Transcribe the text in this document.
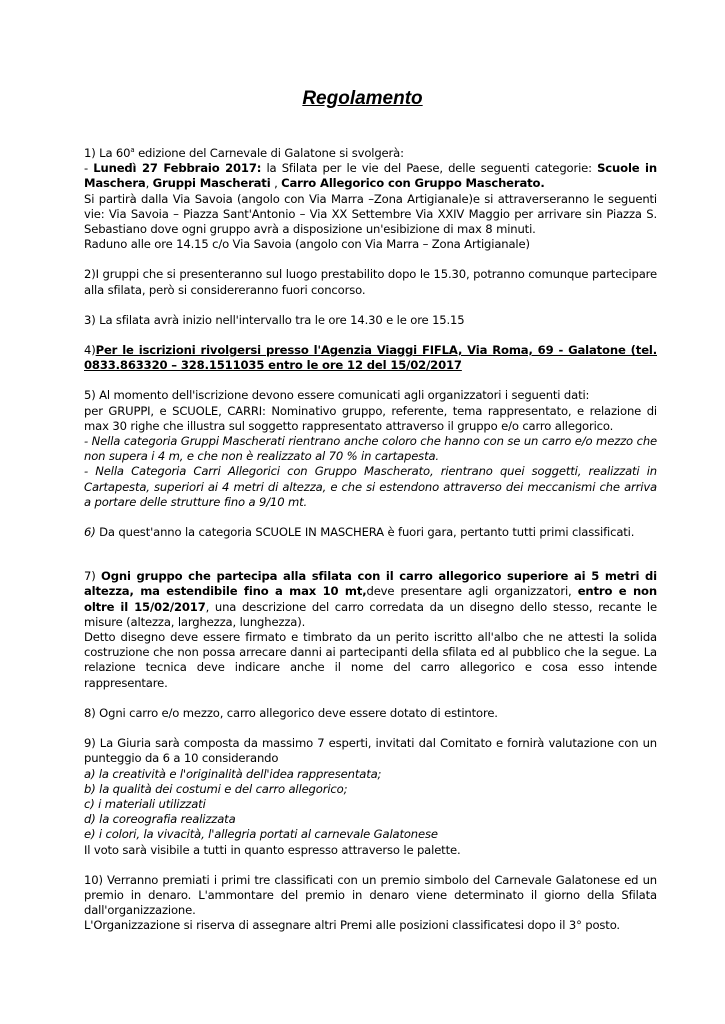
Regolamento

1) La 60$^a$ edizione del Carnevale di Galatone si svolgerà:

- Lunedì 27 Febbraio 2017: la Sfilata per le vie del Paese, delle seguenti categorie: Scuole in Maschera, Gruppi Mascherati , Carro Allegorico con Gruppo Mascherato.

Si partirà dalla Via Savoia (angolo con Via Marra –Zona Artigianale)e si attraverseranno le seguenti vie: Via Savoia – Piazza Sant'Antonio – Via XX Settembre Via XXIV Maggio per arrivare sin Piazza S. Sebastiano dove ogni gruppo avrà a disposizione un'esibizione di max 8 minuti.

Raduno alle ore 14.15 c/o Via Savoia (angolo con Via Marra – Zona Artigianale)

2)I gruppi che si presenteranno sul luogo prestabilito dopo le 15.30, potranno comunque partecipare alla sfilata, però si considereranno fuori concorso.

3) La sfilata avrà inizio nell'intervallo tra le ore 14.30 e le ore 15.15

4)Per le iscrizioni rivolgersi presso l'Agenzia Viaggi FIFLA, Via Roma, 69 - Galatone (tel. 0833.863320 – 328.1511035 entro le ore 12 del 15/02/2017

5) Al momento dell'iscrizione devono essere comunicati agli organizzatori i seguenti dati:

per GRUPPI, e SCUOLE, CARRI: Nominativo gruppo, referente, tema rappresentato, e relazione di max 30 righe che illustra sul soggetto rappresentato attraverso il gruppo e/o carro allegorico.

- Nella categoria Gruppi Mascherati rientrano anche coloro che hanno con se un carro e/o mezzo che non supera i 4 m, e che non è realizzato al 70 % in cartapesta.

- Nella Categoria Carri Allegorici con Gruppo Mascherato, rientrano quei soggetti, realizzati in Cartapesta, superiori ai 4 metri di altezza, e che si estendono attraverso dei meccanismi che arriva a portare delle strutture fino a 9/10 mt.

6) Da quest'anno la categoria SCUOLE IN MASCHERA è fuori gara, pertanto tutti primi classificati.

7) Ogni gruppo che partecipa alla sfilata con il carro allegorico superiore ai 5 metri di altezza, ma estendibile fino a max 10 mt,deve presentare agli organizzatori, entro e non oltre il 15/02/2017, una descrizione del carro corredata da un disegno dello stesso, recante le misure (altezza, larghezza, lunghezza).

Detto disegno deve essere firmato e timbrato da un perito iscritto all'albo che ne attesti la solida costruzione che non possa arrecare danni ai partecipanti della sfilata ed al pubblico che la segue. La relazione tecnica deve indicare anche il nome del carro allegorico e cosa esso intende rappresentare.

8) Ogni carro e/o mezzo, carro allegorico deve essere dotato di estintore.

9) La Giuria sarà composta da massimo 7 esperti, invitati dal Comitato e fornirà valutazione con un punteggio da 6 a 10 considerando

a) la creatività e l'originalità dell'idea rappresentata;

b) la qualità dei costumi e del carro allegorico;

c) i materiali utilizzati

d) la coreografia realizzata

e) i colori, la vivacità, l'allegria portati al carnevale Galatonese

Il voto sarà visibile a tutti in quanto espresso attraverso le palette.

10) Verranno premiati i primi tre classificati con un premio simbolo del Carnevale Galatonese ed un premio in denaro. L'ammontare del premio in denaro viene determinato il giorno della Sfilata dall'organizzazione.

L'Organizzazione si riserva di assegnare altri Premi alle posizioni classificatesi dopo il 3° posto.
